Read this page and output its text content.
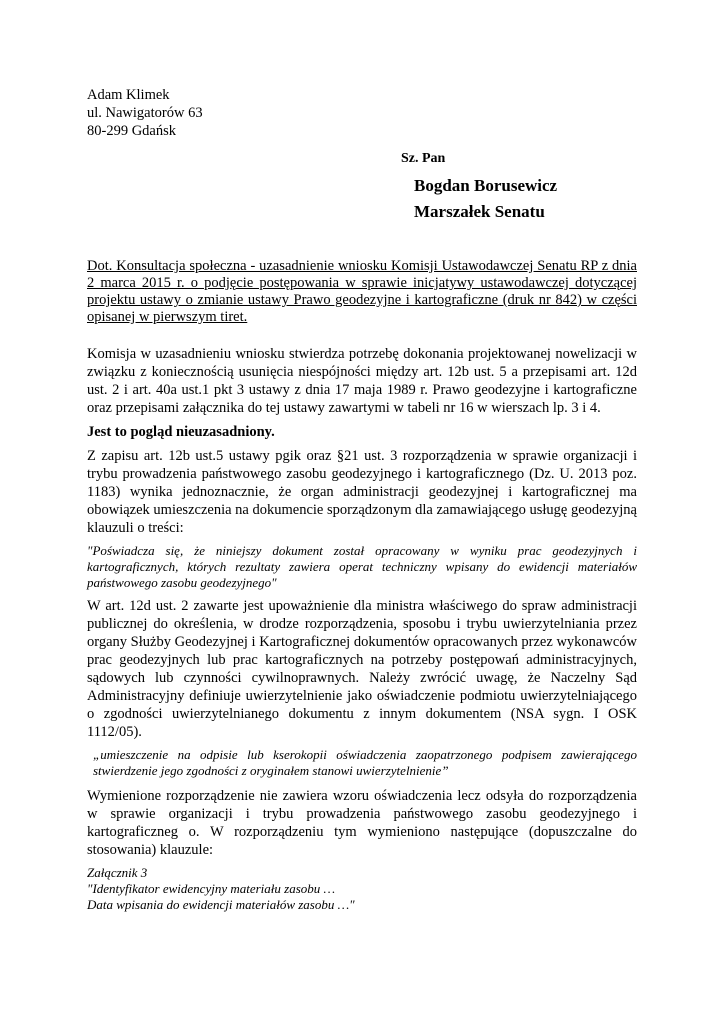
Adam Klimek
ul. Nawigatorów 63
80-299 Gdańsk
Sz. Pan
Bogdan Borusewicz
Marszałek Senatu
Dot. Konsultacja społeczna - uzasadnienie wniosku Komisji Ustawodawczej Senatu RP z dnia 2 marca 2015 r. o podjęcie postępowania w sprawie inicjatywy ustawodawczej dotyczącej projektu ustawy o zmianie ustawy Prawo geodezyjne i kartograficzne (druk nr 842) w części opisanej w pierwszym tiret.

Komisja w uzasadnieniu wniosku stwierdza potrzebę dokonania projektowanej nowelizacji w związku z koniecznością usunięcia niespójności między art. 12b ust. 5 a przepisami art. 12d ust. 2 i art. 40a ust.1 pkt 3 ustawy z dnia 17 maja 1989 r. Prawo geodezyjne i kartograficzne oraz przepisami załącznika do tej ustawy zawartymi w tabeli nr 16 w wierszach lp. 3 i 4.

Jest to pogląd nieuzasadniony.

Z zapisu art. 12b ust.5 ustawy pgik oraz §21 ust. 3 rozporządzenia w sprawie organizacji i trybu prowadzenia państwowego zasobu geodezyjnego i kartograficznego (Dz. U. 2013 poz. 1183) wynika jednoznacznie, że organ administracji geodezyjnej i kartograficznej ma obowiązek umieszczenia na dokumencie sporządzonym dla zamawiającego usługę geodezyjną klauzuli o treści:

"Poświadcza się, że niniejszy dokument został opracowany w wyniku prac geodezyjnych i kartograficznych, których rezultaty zawiera operat techniczny wpisany do ewidencji materiałów państwowego zasobu geodezyjnego"

W art. 12d ust. 2 zawarte jest upoważnienie dla ministra właściwego do spraw administracji publicznej do określenia, w drodze rozporządzenia, sposobu i trybu uwierzytelniania przez organy Służby Geodezyjnej i Kartograficznej dokumentów opracowanych przez wykonawców prac geodezyjnych lub prac kartograficznych na potrzeby postępowań administracyjnych, sądowych lub czynności cywilnoprawnych. Należy zwrócić uwagę, że Naczelny Sąd Administracyjny definiuje uwierzytelnienie jako oświadczenie podmiotu uwierzytelniającego o zgodności uwierzytelnianego dokumentu z innym dokumentem (NSA sygn. I OSK 1112/05).

„umieszczenie na odpisie lub kserokopii oświadczenia zaopatrzonego podpisem zawierającego stwierdzenie jego zgodności z oryginałem stanowi uwierzytelnienie”

Wymienione rozporządzenie nie zawiera wzoru oświadczenia lecz odsyła do rozporządzenia w sprawie organizacji i trybu prowadzenia państwowego zasobu geodezyjnego i kartograficzneg o. W rozporządzeniu tym wymieniono następujące (dopuszczalne do stosowania) klauzule:

Załącznik 3
"Identyfikator ewidencyjny materiału zasobu …
Data wpisania do ewidencji materiałów zasobu …"
